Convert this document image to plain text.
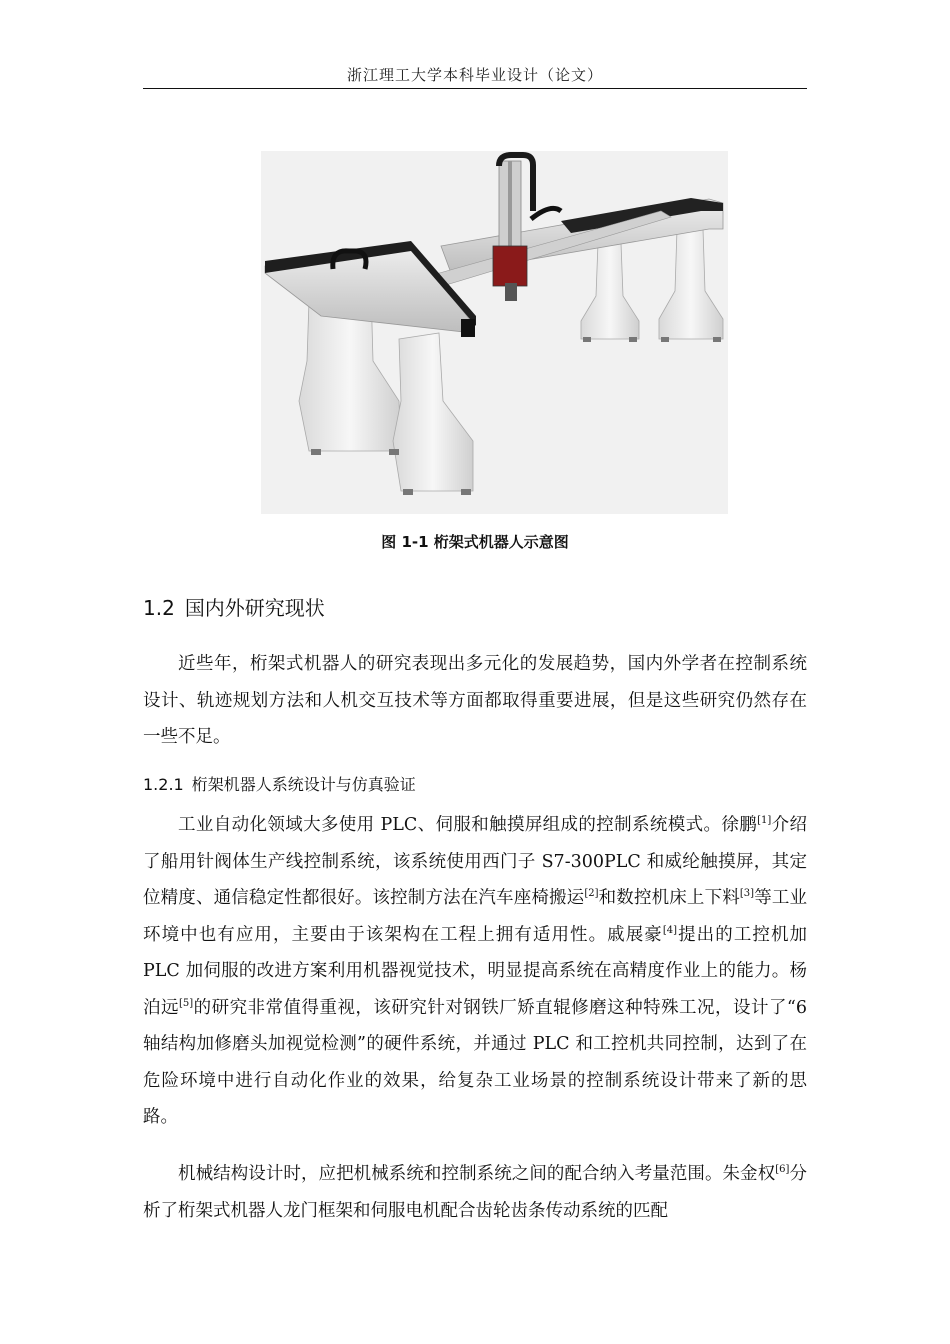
浙江理工大学本科毕业设计（论文）
图 1-1 桁架式机器人示意图
1.2 国内外研究现状
近些年，桁架式机器人的研究表现出多元化的发展趋势，国内外学者在控制系统设计、轨迹规划方法和人机交互技术等方面都取得重要进展，但是这些研究仍然存在一些不足。
1.2.1 桁架机器人系统设计与仿真验证
工业自动化领域大多使用 PLC、伺服和触摸屏组成的控制系统模式。徐鹏[1]介绍了船用针阀体生产线控制系统，该系统使用西门子 S7-300PLC 和威纶触摸屏，其定位精度、通信稳定性都很好。该控制方法在汽车座椅搬运[2]和数控机床上下料[3]等工业环境中也有应用，主要由于该架构在工程上拥有适用性。戚展豪[4]提出的工控机加 PLC 加伺服的改进方案利用机器视觉技术，明显提高系统在高精度作业上的能力。杨泊远[5]的研究非常值得重视，该研究针对钢铁厂矫直辊修磨这种特殊工况，设计了“6 轴结构加修磨头加视觉检测”的硬件系统，并通过 PLC 和工控机共同控制，达到了在危险环境中进行自动化作业的效果，给复杂工业场景的控制系统设计带来了新的思路。
机械结构设计时，应把机械系统和控制系统之间的配合纳入考量范围。朱金权[6]分析了桁架式机器人龙门框架和伺服电机配合齿轮齿条传动系统的匹配
